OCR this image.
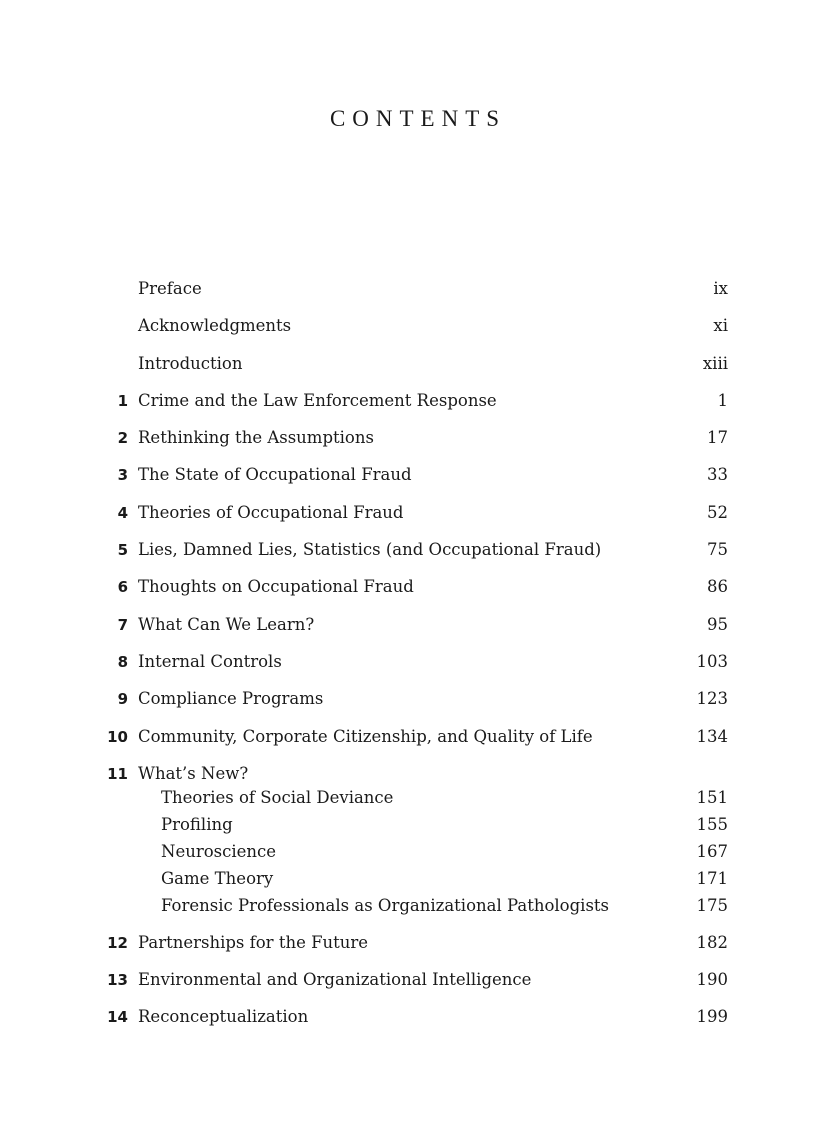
CONTENTS
Preface	ix
Acknowledgments	xi
Introduction	xiii
1 Crime and the Law Enforcement Response	1
2 Rethinking the Assumptions	17
3 The State of Occupational Fraud	33
4 Theories of Occupational Fraud	52
5 Lies, Damned Lies, Statistics (and Occupational Fraud)	75
6 Thoughts on Occupational Fraud	86
7 What Can We Learn?	95
8 Internal Controls	103
9 Compliance Programs	123
10 Community, Corporate Citizenship, and Quality of Life	134
11 What’s New?
Theories of Social Deviance	151
Profiling	155
Neuroscience	167
Game Theory	171
Forensic Professionals as Organizational Pathologists	175
12 Partnerships for the Future	182
13 Environmental and Organizational Intelligence	190
14 Reconceptualization	199
